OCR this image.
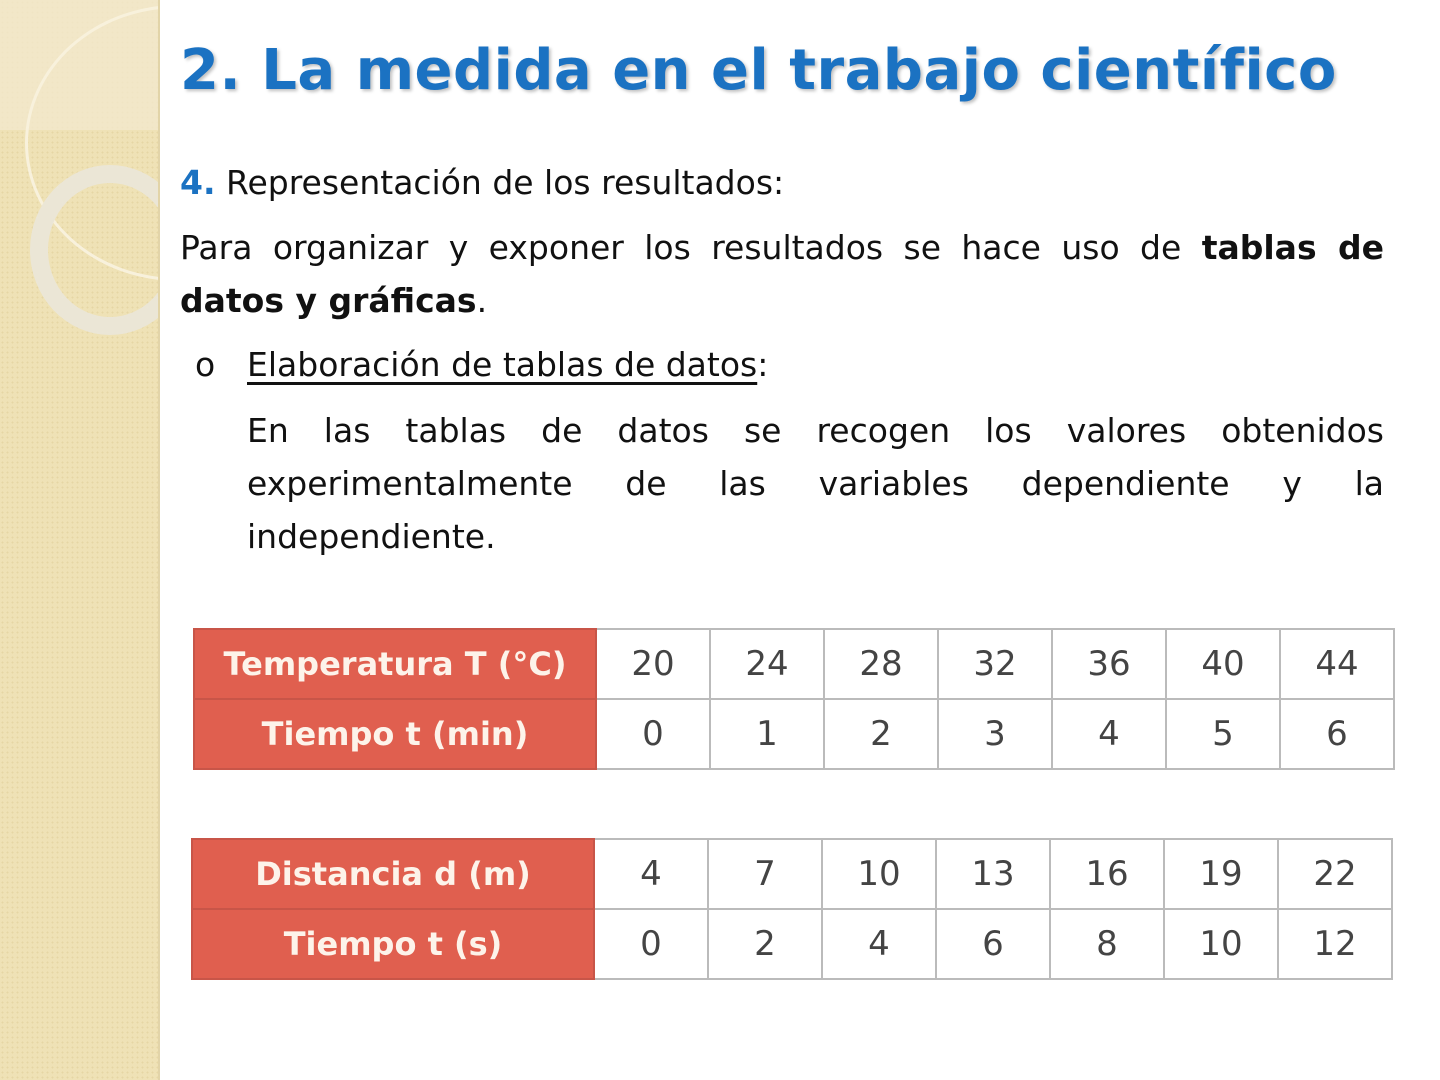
2. La medida en el trabajo científico
4. Representación de los resultados:
Para organizar y exponer los resultados se hace uso de tablas de datos y gráficas.
o Elaboración de tablas de datos:
En las tablas de datos se recogen los valores obtenidos experimentalmente de las variables dependiente y la independiente.
Temperatura T (°C)	20	24	28	32	36	40	44
Tiempo t (min)	0	1	2	3	4	5	6
Distancia d (m)	4	7	10	13	16	19	22
Tiempo t (s)	0	2	4	6	8	10	12
